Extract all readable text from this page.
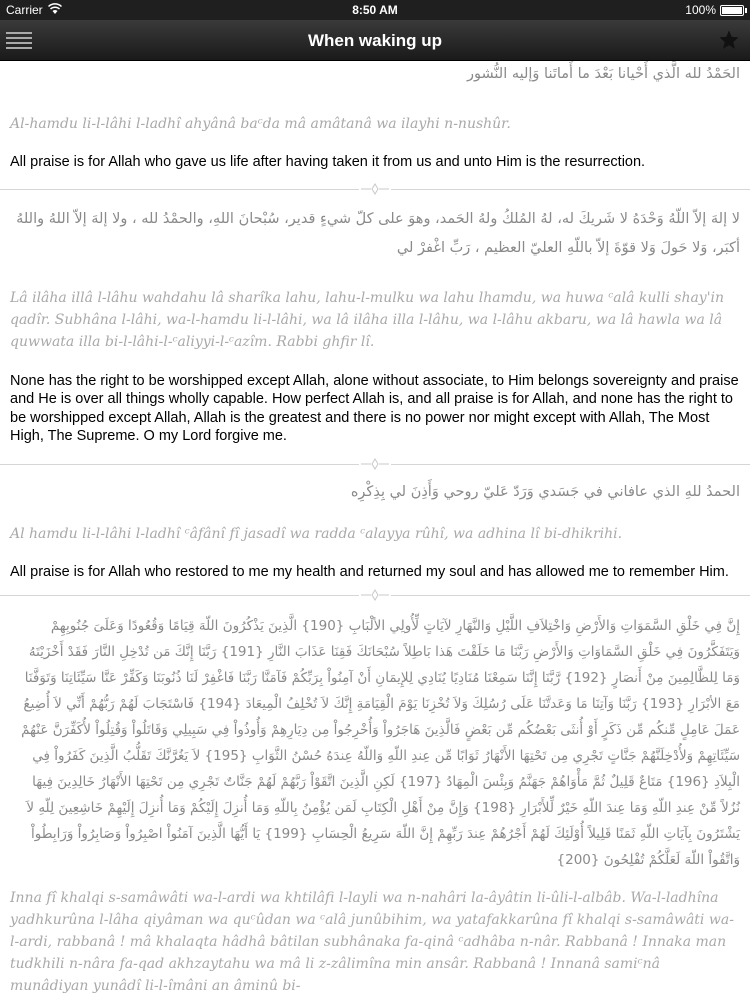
Carrier	8:50 AM	100%
When waking up
الحَمْدُ لله الَّذي أَحْيانا بَعْدَ ما أَماتَنا وَإليه النُّشور
Al-hamdu li-l-lâhi l-ladhî ahyânâ baᶜda mâ amâtanâ wa ilayhi n-nushûr.
All praise is for Allah who gave us life after having taken it from us and unto Him is the resurrection.
لا إلهَ إلاّ اللّهُ وَحْدَهُ لا شَريكَ له، لهُ المُلكُ ولهُ الحَمد، وهوَ على كلّ شيءٍ قدير، سُبْحانَ اللهِ، والحمْدُ لله ، ولا إلهَ إلاّ اللهُ واللهُ أكبَر، وَلا حَولَ وَلا قوّةَ إلاّ باللّهِ العليّ العظيم ، رَبِّ اغْفرْ لي
Lâ ilâha illâ l-lâhu wahdahu lâ sharîka lahu, lahu-l-mulku wa lahu lhamdu, wa huwa ᶜalâ kulli shay'in qadîr. Subhâna l-lâhi, wa-l-hamdu li-l-lâhi, wa lâ ilâha illa l-lâhu, wa l-lâhu akbaru, wa lâ hawla wa lâ quwwata illa bi-l-lâhi-l-ᶜaliyyi-l-ᶜazîm. Rabbi ghfir lî.
None has the right to be worshipped except Allah, alone without associate, to Him belongs sovereignty and praise and He is over all things wholly capable. How perfect Allah is, and all praise is for Allah, and none has the right to be worshipped except Allah, Allah is the greatest and there is no power nor might except with Allah, The Most High, The Supreme. O my Lord forgive me.
الحمدُ للهِ الذي عافاني في جَسَدي وَرَدّ عَليّ روحي وَأَذِنَ لي بِذِكْرِه
Al hamdu li-l-lâhi l-ladhî ᶜâfânî fî jasadî wa radda ᶜalayya rûhî, wa adhina lî bi-dhikrihi.
All praise is for Allah who restored to me my health and returned my soul and has allowed me to remember Him.
إِنَّ فِي خَلْقِ السَّمَوَاتِ وَالأَرْضِ وَاخْتِلاَفِ اللَّيْلِ وَالنَّهَارِ لآيَاتٍ لِّأُولِي الألْبَابِ {190} الَّذِينَ يَذْكُرُونَ اللّهَ قِيَامًا وَقُعُودًا وَعَلَىَ جُنُوبِهِمْ وَيَتَفَكَّرُونَ فِي خَلْقِ السَّمَاوَاتِ وَالأَرْضِ رَبَّنَا مَا خَلَقْتَ هَذا بَاطِلاً سُبْحَانَكَ فَقِنَا عَذَابَ النَّارِ {191} رَبَّنَا إِنَّكَ مَن تُدْخِلِ النَّارَ فَقَدْ أَخْزَيْتَهُ وَمَا لِلظَّالِمِينَ مِنْ أَنصَارٍ {192} رَّبَّنَا إِنَّنَا سَمِعْنَا مُنَادِيًا يُنَادِي لِلإِيمَانِ أَنْ آمِنُواْ بِرَبِّكُمْ فَآمَنَّا رَبَّنَا فَاغْفِرْ لَنَا ذُنُوبَنَا وَكَفِّرْ عَنَّا سَيِّئَاتِنَا وَتَوَفَّنَا مَعَ الأبْرَارِ {193} رَبَّنَا وَآتِنَا مَا وَعَدتَّنَا عَلَى رُسُلِكَ وَلاَ تُخْزِنَا يَوْمَ الْقِيَامَةِ إِنَّكَ لاَ تُخْلِفُ الْمِيعَادَ {194} فَاسْتَجَابَ لَهُمْ رَبُّهُمْ أَنِّي لاَ أُضِيعُ عَمَلَ عَامِلٍ مِّنكُم مِّن ذَكَرٍ أَوْ أُنثَى بَعْضُكُم مِّن بَعْضٍ فَالَّذِينَ هَاجَرُواْ وَأُخْرِجُواْ مِن دِيَارِهِمْ وَأُوذُواْ فِي سَبِيلِي وَقَاتَلُواْ وَقُتِلُواْ لأُكَفِّرَنَّ عَنْهُمْ سَيِّئَاتِهِمْ وَلأُدْخِلَنَّهُمْ جَنَّاتٍ تَجْرِي مِن تَحْتِهَا الأَنْهَارُ ثَوَابًا مِّن عِندِ اللّهِ وَاللّهُ عِندَهُ حُسْنُ الثَّوَابِ {195} لاَ يَغُرَّنَّكَ تَقَلُّبُ الَّذِينَ كَفَرُواْ فِي الْبِلاَدِ {196} مَتَاعٌ قَلِيلٌ ثُمَّ مَأْوَاهُمْ جَهَنَّمُ وَبِئْسَ الْمِهَادُ {197} لَكِنِ الَّذِينَ اتَّقَوْاْ رَبَّهُمْ لَهُمْ جَنَّاتٌ تَجْرِي مِن تَحْتِهَا الأَنْهَارُ خَالِدِينَ فِيهَا نُزُلاً مِّنْ عِندِ اللّهِ وَمَا عِندَ اللّهِ خَيْرٌ لِّلأَبْرَارِ {198} وَإِنَّ مِنْ أَهْلِ الْكِتَابِ لَمَن يُؤْمِنُ بِاللّهِ وَمَا أُنزِلَ إِلَيْكُمْ وَمَا أُنزِلَ إِلَيْهِمْ خَاشِعِينَ لِلّهِ لاَ يَشْتَرُونَ بِآيَاتِ اللّهِ ثَمَنًا قَلِيلاً أُوْلَئِكَ لَهُمْ أَجْرُهُمْ عِندَ رَبِّهِمْ إِنَّ اللّهَ سَرِيعُ الْحِسَابِ {199} يَا أَيُّهَا الَّذِينَ آمَنُواْ اصْبِرُواْ وَصَابِرُواْ وَرَابِطُواْ وَاتَّقُواْ اللّهَ لَعَلَّكُمْ تُفْلِحُونَ {200}
Inna fî khalqi s-samâwâti wa-l-ardi wa khtilâfi l-layli wa n-nahâri la-âyâtin li-ûli-l-albâb. Wa-l-ladhîna yadhkurûna l-lâha qiyâman wa quᶜûdan wa ᶜalâ junûbihim, wa yatafakkarûna fî khalqi s-samâwâti wa-l-ardi, rabbanâ ! mâ khalaqta hâdhâ bâtilan subhânaka fa-qinâ ᶜadhâba n-nâr. Rabbanâ ! Innaka man tudkhili n-nâra fa-qad akhzaytahu wa mâ li z-zâlimîna min ansâr. Rabbanâ ! Innanâ samiᶜnâ munâdiyan yunâdî li-l-îmâni an âminû bi-
